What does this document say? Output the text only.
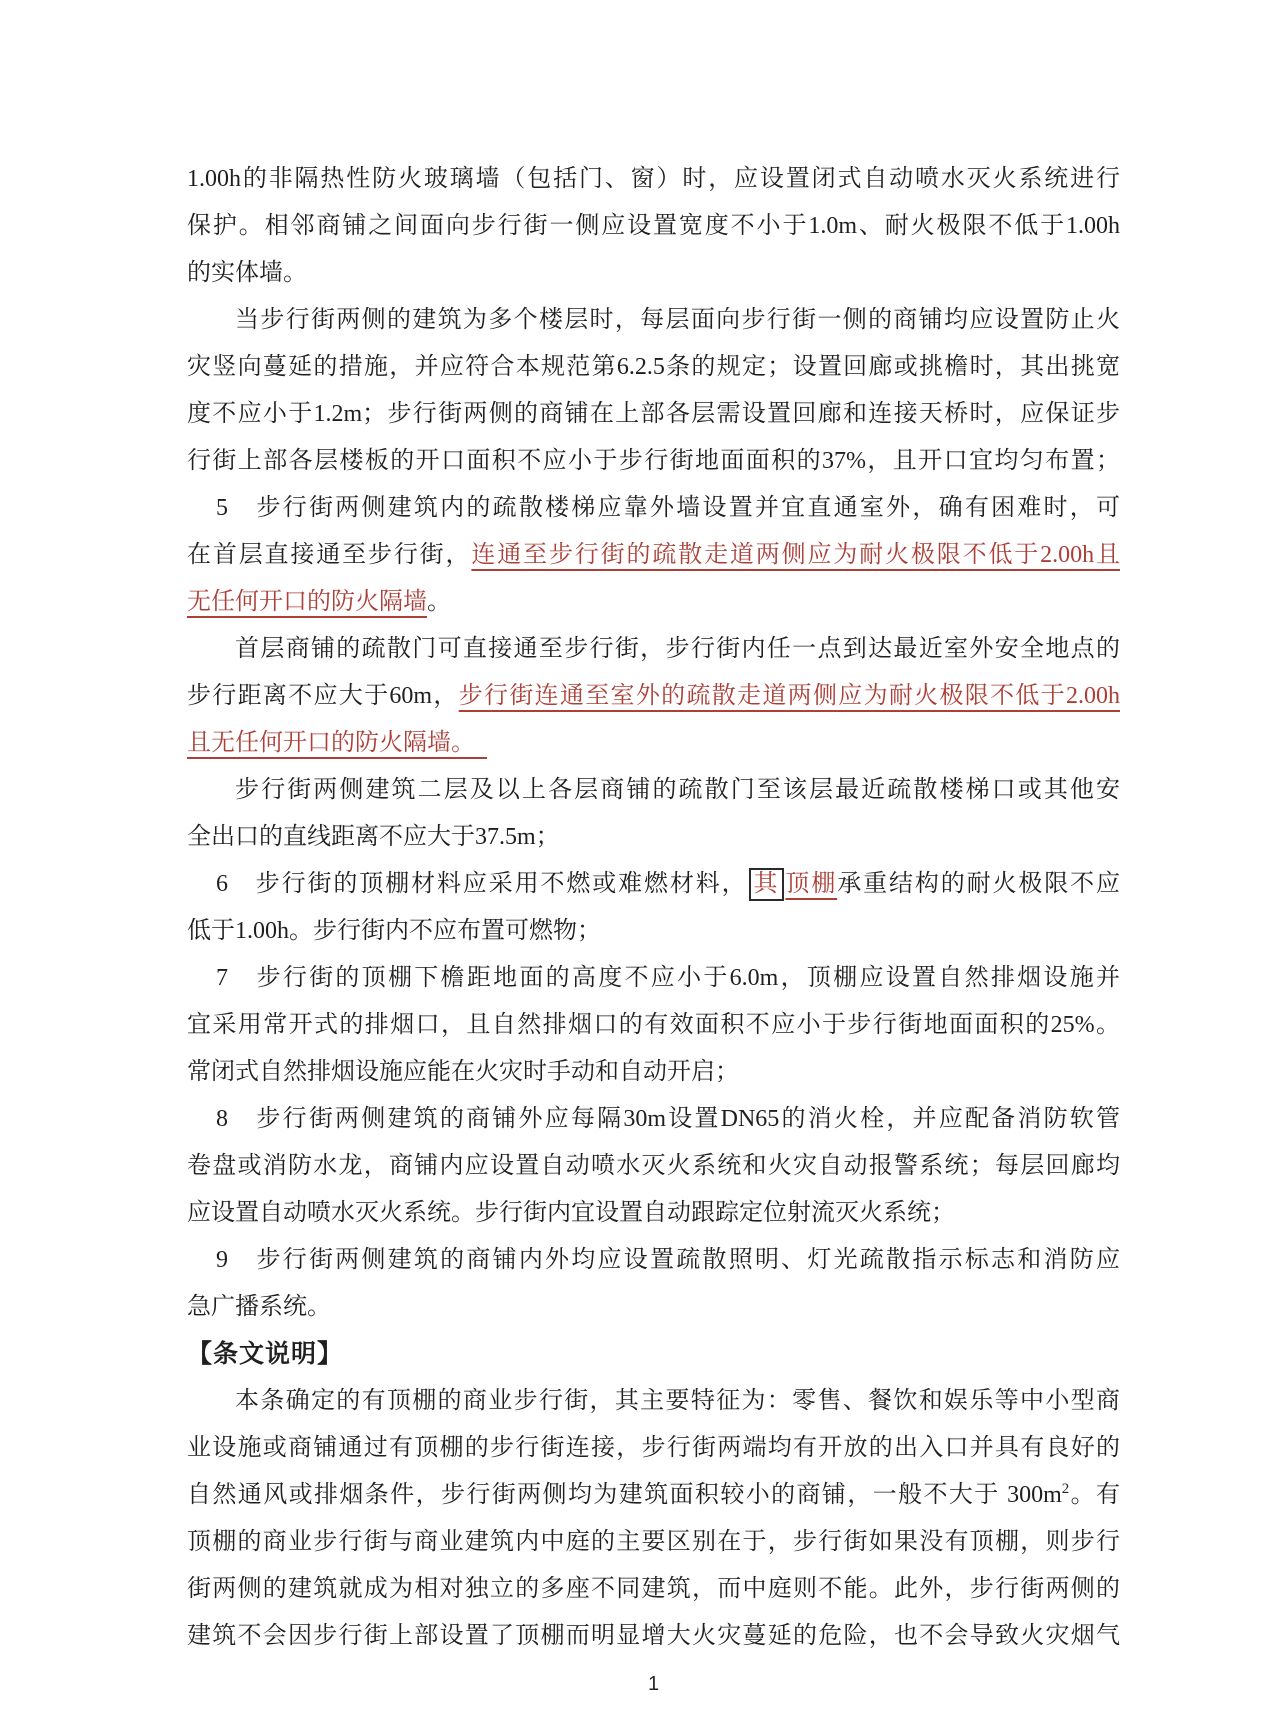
1.00h的非隔热性防火玻璃墙（包括门、窗）时，应设置闭式自动喷水灭火系统进行
保护。相邻商铺之间面向步行街一侧应设置宽度不小于1.0m、耐火极限不低于1.00h
的实体墙。
当步行街两侧的建筑为多个楼层时，每层面向步行街一侧的商铺均应设置防止火
灾竖向蔓延的措施，并应符合本规范第6.2.5条的规定；设置回廊或挑檐时，其出挑宽
度不应小于1.2m；步行街两侧的商铺在上部各层需设置回廊和连接天桥时，应保证步
行街上部各层楼板的开口面积不应小于步行街地面面积的37%，且开口宜均匀布置；
5　步行街两侧建筑内的疏散楼梯应靠外墙设置并宜直通室外，确有困难时，可
在首层直接通至步行街，连通至步行街的疏散走道两侧应为耐火极限不低于2.00h且
无任何开口的防火隔墙。
首层商铺的疏散门可直接通至步行街，步行街内任一点到达最近室外安全地点的
步行距离不应大于60m，步行街连通至室外的疏散走道两侧应为耐火极限不低于2.00h
且无任何开口的防火隔墙。　
步行街两侧建筑二层及以上各层商铺的疏散门至该层最近疏散楼梯口或其他安
全出口的直线距离不应大于37.5m；
6　步行街的顶棚材料应采用不燃或难燃材料， 其 顶棚承重结构的耐火极限不应
低于1.00h。步行街内不应布置可燃物；
7　步行街的顶棚下檐距地面的高度不应小于6.0m，顶棚应设置自然排烟设施并
宜采用常开式的排烟口，且自然排烟口的有效面积不应小于步行街地面面积的25%。
常闭式自然排烟设施应能在火灾时手动和自动开启；
8　步行街两侧建筑的商铺外应每隔30m设置DN65的消火栓，并应配备消防软管
卷盘或消防水龙，商铺内应设置自动喷水灭火系统和火灾自动报警系统；每层回廊均
应设置自动喷水灭火系统。步行街内宜设置自动跟踪定位射流灭火系统；
9　步行街两侧建筑的商铺内外均应设置疏散照明、灯光疏散指示标志和消防应
急广播系统。
【条文说明】
本条确定的有顶棚的商业步行街，其主要特征为：零售、餐饮和娱乐等中小型商
业设施或商铺通过有顶棚的步行街连接，步行街两端均有开放的出入口并具有良好的
自然通风或排烟条件，步行街两侧均为建筑面积较小的商铺，一般不大于 $300m^2$。有
顶棚的商业步行街与商业建筑内中庭的主要区别在于，步行街如果没有顶棚，则步行
街两侧的建筑就成为相对独立的多座不同建筑，而中庭则不能。此外，步行街两侧的
建筑不会因步行街上部设置了顶棚而明显增大火灾蔓延的危险，也不会导致火灾烟气
1
